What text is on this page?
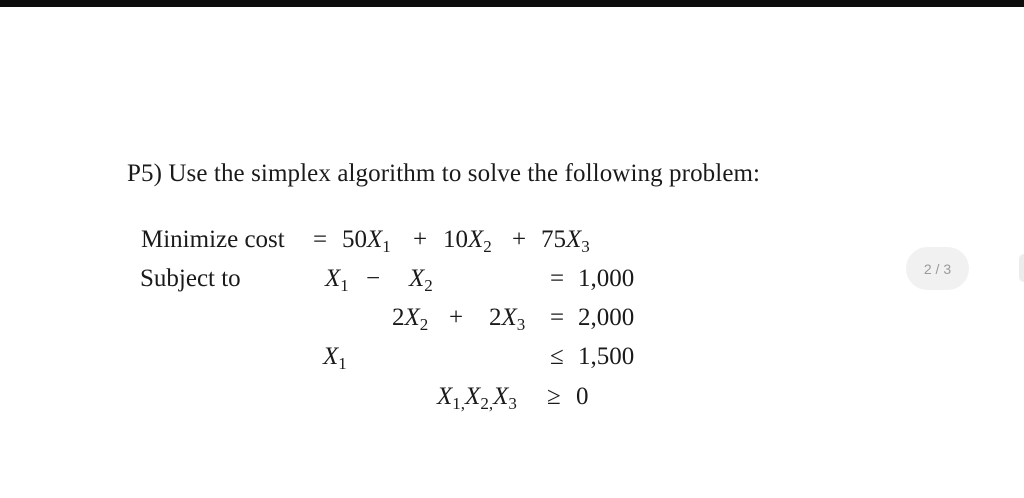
P5) Use the simplex algorithm to solve the following problem:
Minimize $\cos t = 50X_1 + 10X_2 + 75X_3$
Subject to	$X_1 - X_2$	= 1,000
$2X_2 + 2X_3 = 2,000$
$X_1$	≤ 1,500
$X_{1,}X_{2,}X_3 \ge 0$
2 / 3
